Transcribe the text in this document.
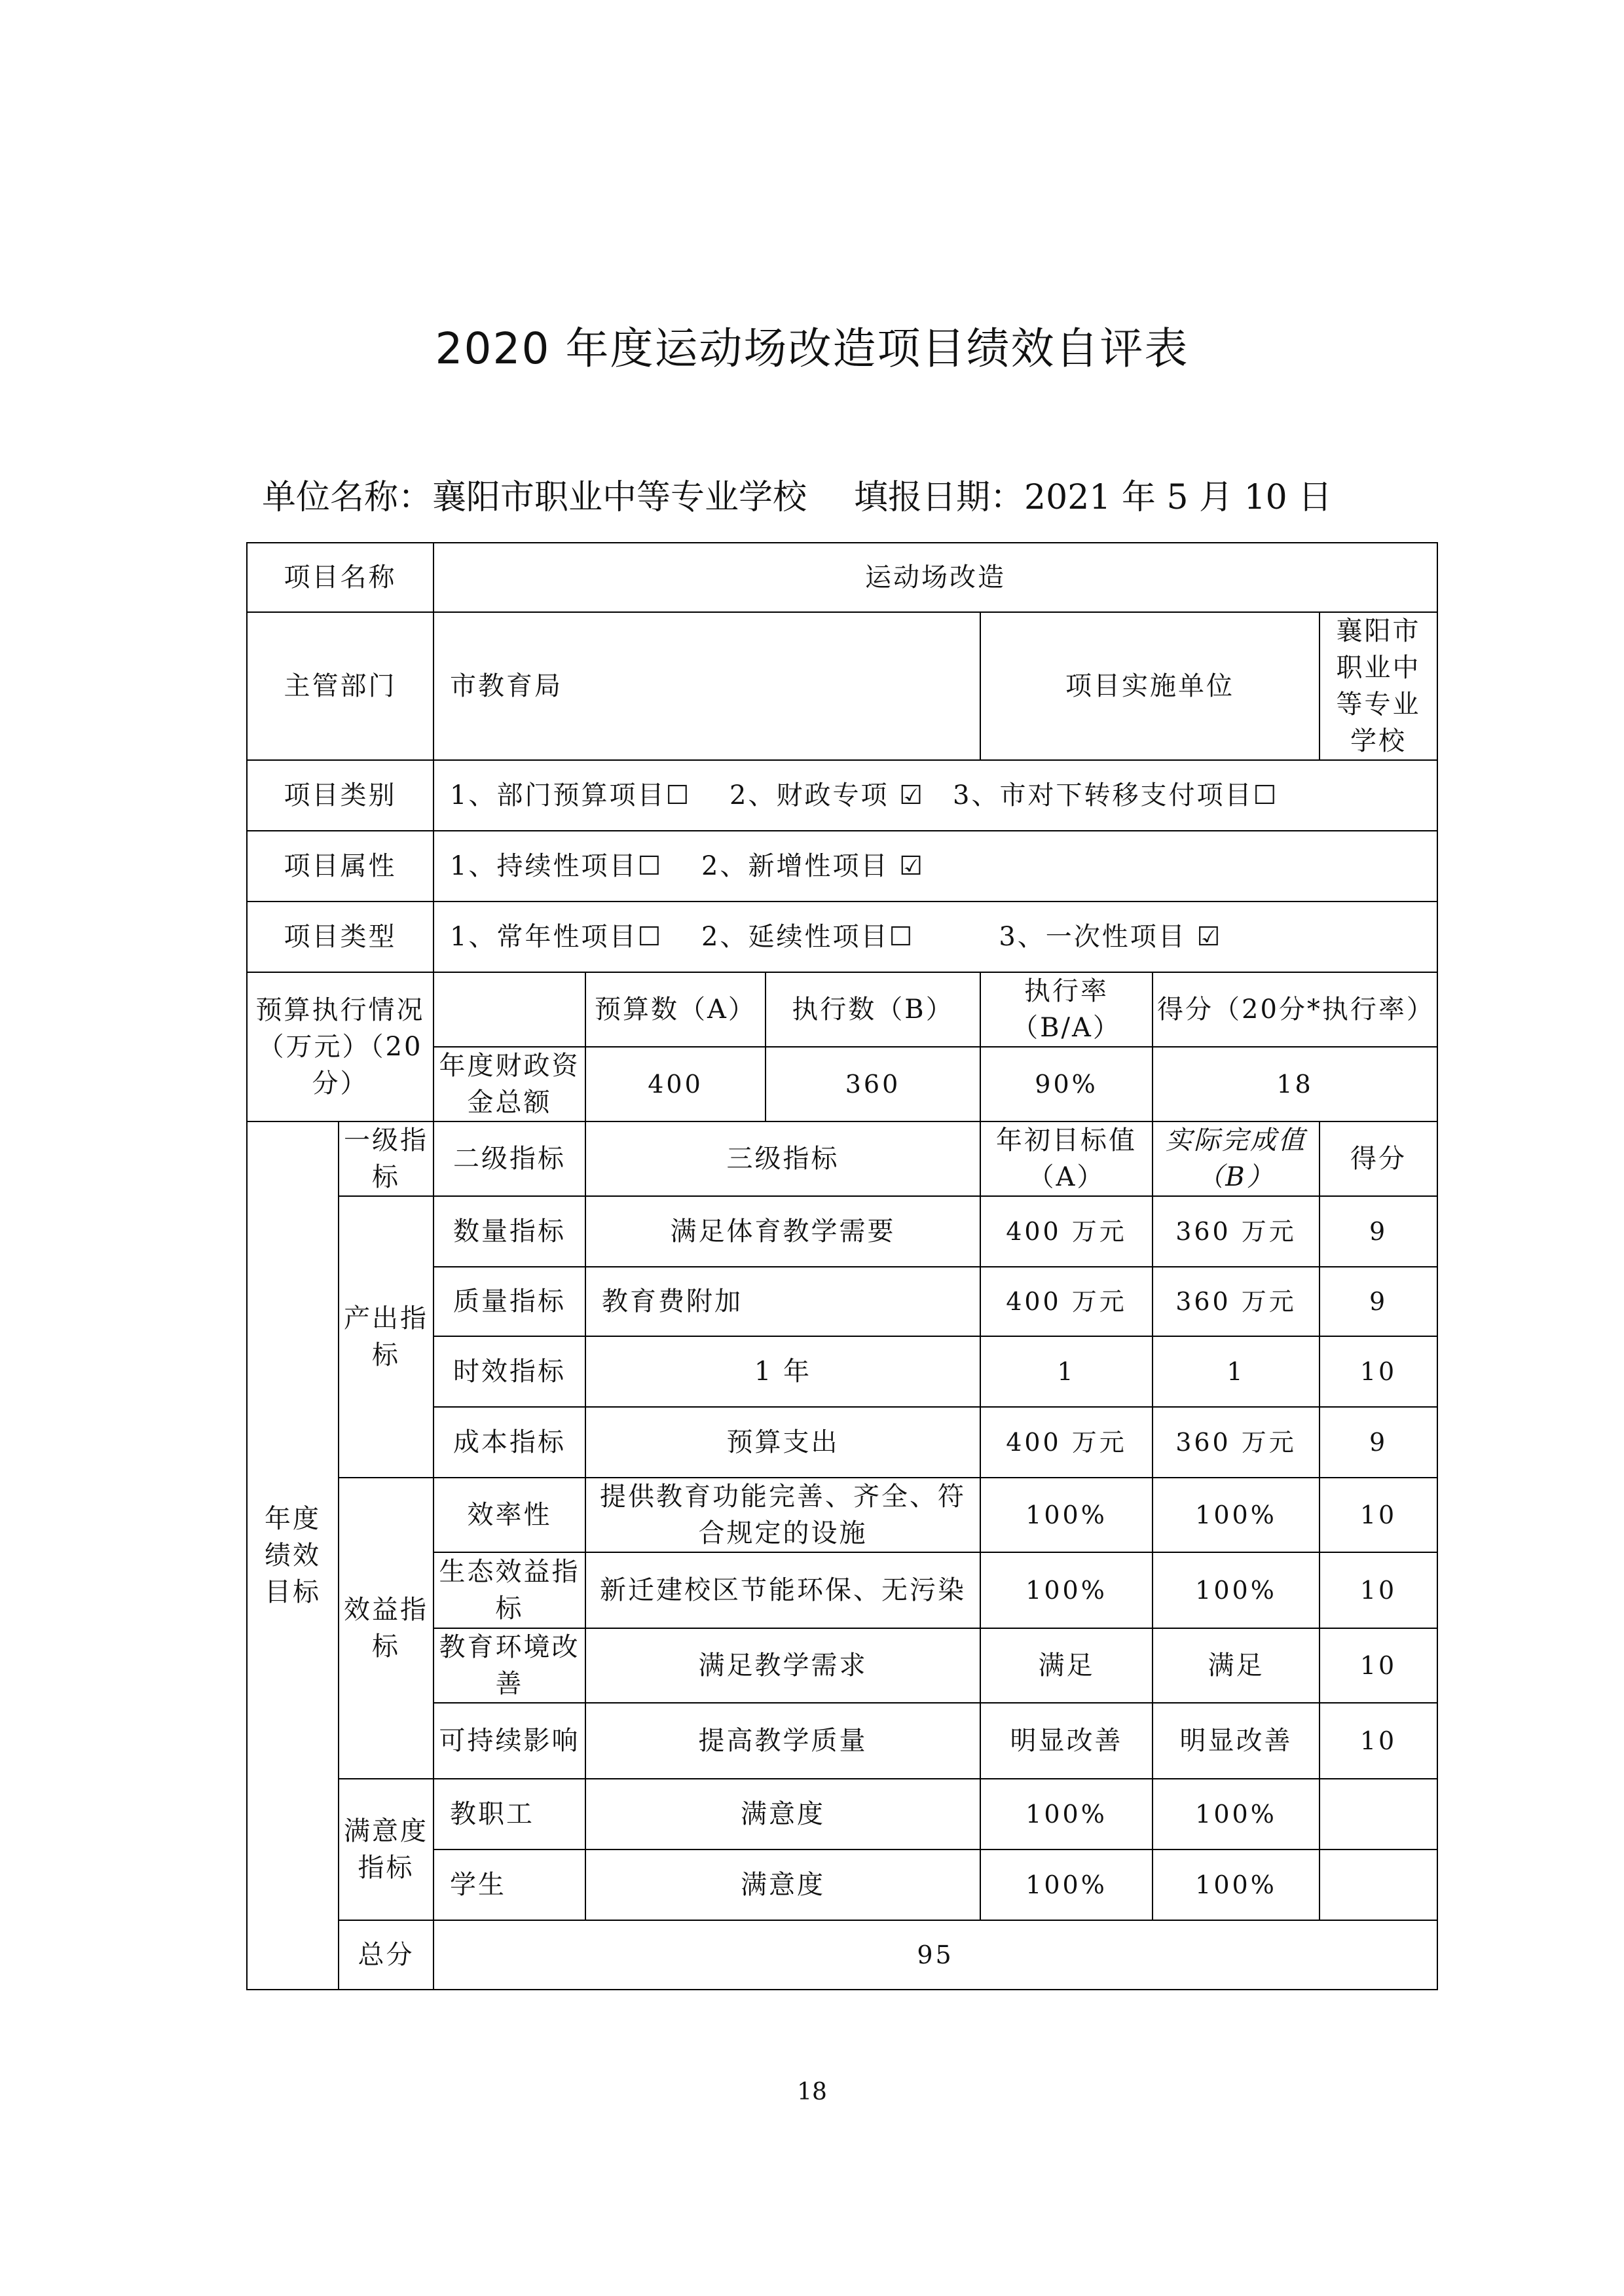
2020 年度运动场改造项目绩效自评表
单位名称：襄阳市职业中等专业学校 填报日期：2021 年 5 月 10 日
项目名称		运动场改造					
主管部门		市教育局			项目实施单位		襄阳市职业中等专业学校
项目类别		1、部门预算项目☐　 2、财政专项 ☑　3、市对下转移支付项目☐					
项目属性		1、持续性项目☐　 2、新增性项目 ☑					
项目类型		1、常年性项目☐　 2、延续性项目☐　　　3、一次性项目 ☑					
预算执行情况（万元）（20分）			预算数（A）	执行数（B）	执行率（B/A）	得分（20分*执行率）	
		年度财政资金总额	400	360	90%	18	
年度绩效目标	一级指标	二级指标	三级指标		年初目标值（A）	实际完成值（B）	得分
	产出指标	数量指标	满足体育教学需要		400 万元	360 万元	9
		质量指标	教育费附加		400 万元	360 万元	9
		时效指标	1 年		1	1	10
		成本指标	预算支出		400 万元	360 万元	9
	效益指标	效率性	提供教育功能完善、齐全、符合规定的设施		100%	100%	10
		生态效益指标	新迁建校区节能环保、无污染		100%	100%	10
		教育环境改善	满足教学需求		满足	满足	10
		可持续影响	提高教学质量		明显改善	明显改善	10
	满意度指标	教职工	满意度		100%	100%	
		学生	满意度		100%	100%	
	总分	95					
18
